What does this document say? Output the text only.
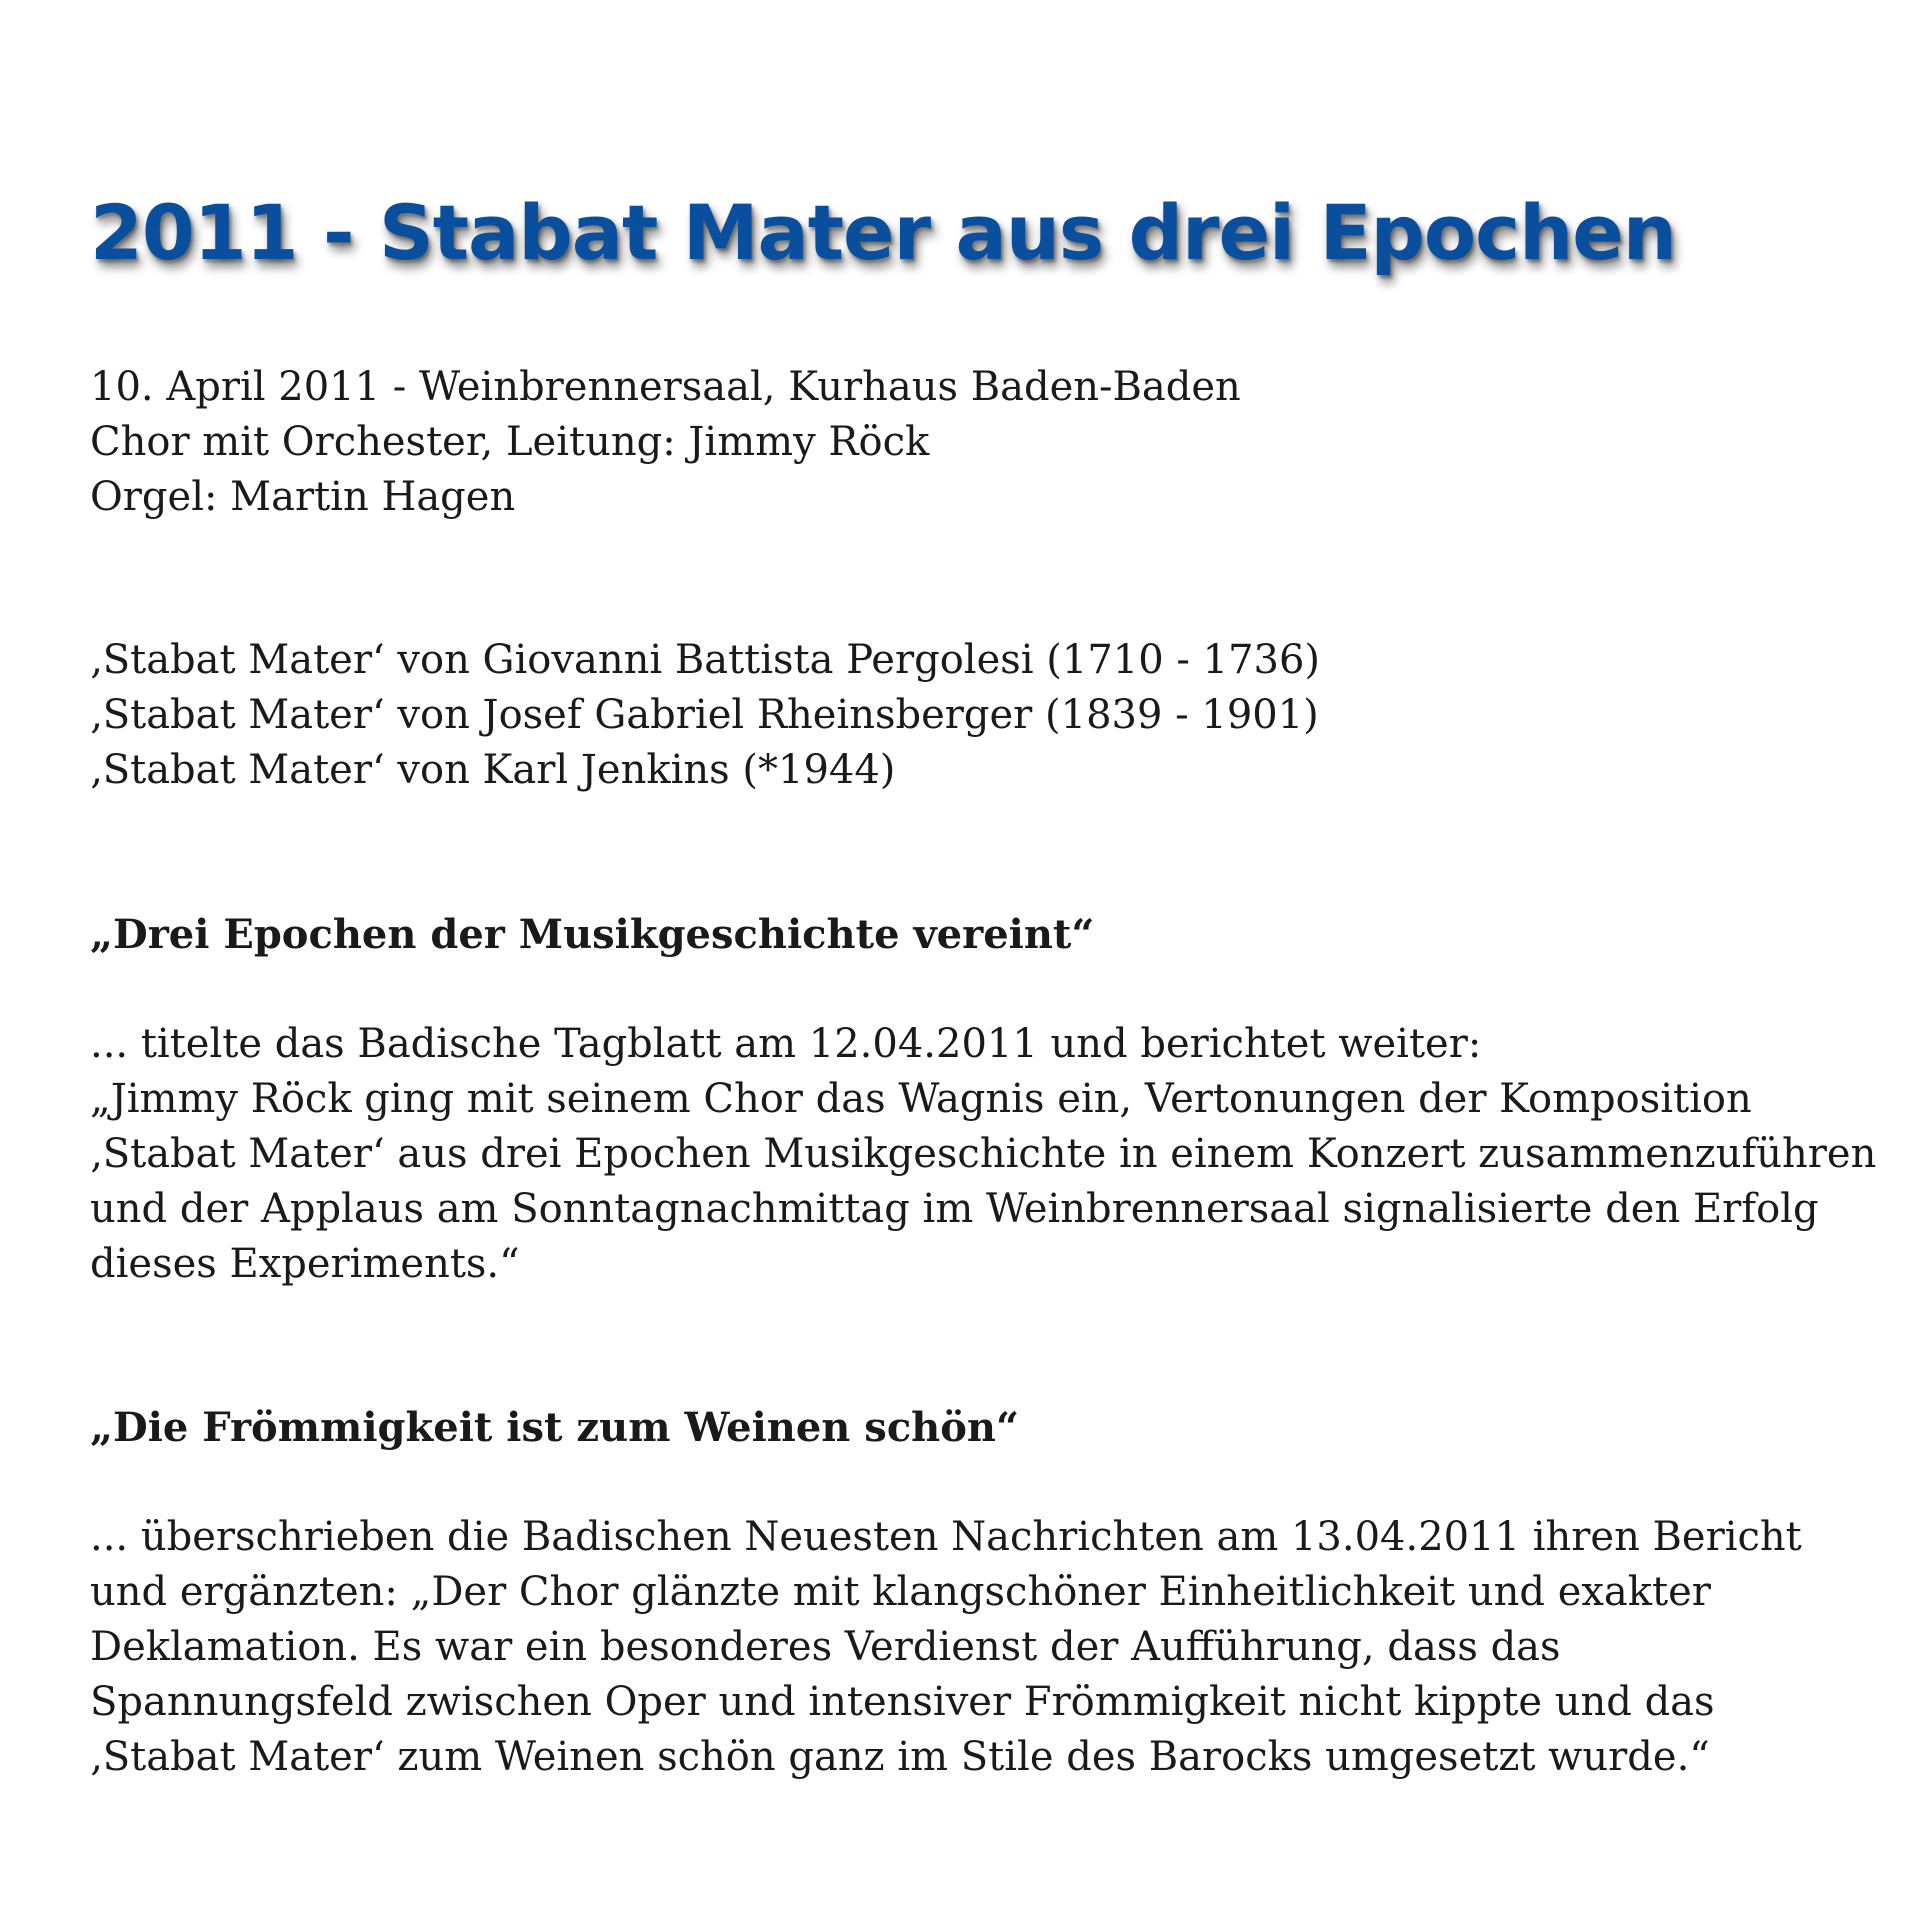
2011 - Stabat Mater aus drei Epochen
10. April 2011 - Weinbrennersaal, Kurhaus Baden-Baden
Chor mit Orchester, Leitung: Jimmy Röck
Orgel: Martin Hagen
‚Stabat Mater‘ von Giovanni Battista Pergolesi (1710 - 1736)
‚Stabat Mater‘ von Josef Gabriel Rheinsberger (1839 - 1901)
‚Stabat Mater‘ von Karl Jenkins (*1944)
„Drei Epochen der Musikgeschichte vereint“
... titelte das Badische Tagblatt am 12.04.2011 und berichtet weiter:
„Jimmy Röck ging mit seinem Chor das Wagnis ein, Vertonungen der Komposition
‚Stabat Mater‘ aus drei Epochen Musikgeschichte in einem Konzert zusammenzuführen
und der Applaus am Sonntagnachmittag im Weinbrennersaal signalisierte den Erfolg
dieses Experiments.“
„Die Frömmigkeit ist zum Weinen schön“
... überschrieben die Badischen Neuesten Nachrichten am 13.04.2011 ihren Bericht
und ergänzten: „Der Chor glänzte mit klangschöner Einheitlichkeit und exakter
Deklamation. Es war ein besonderes Verdienst der Aufführung, dass das
Spannungsfeld zwischen Oper und intensiver Frömmigkeit nicht kippte und das
‚Stabat Mater‘ zum Weinen schön ganz im Stile des Barocks umgesetzt wurde.“
